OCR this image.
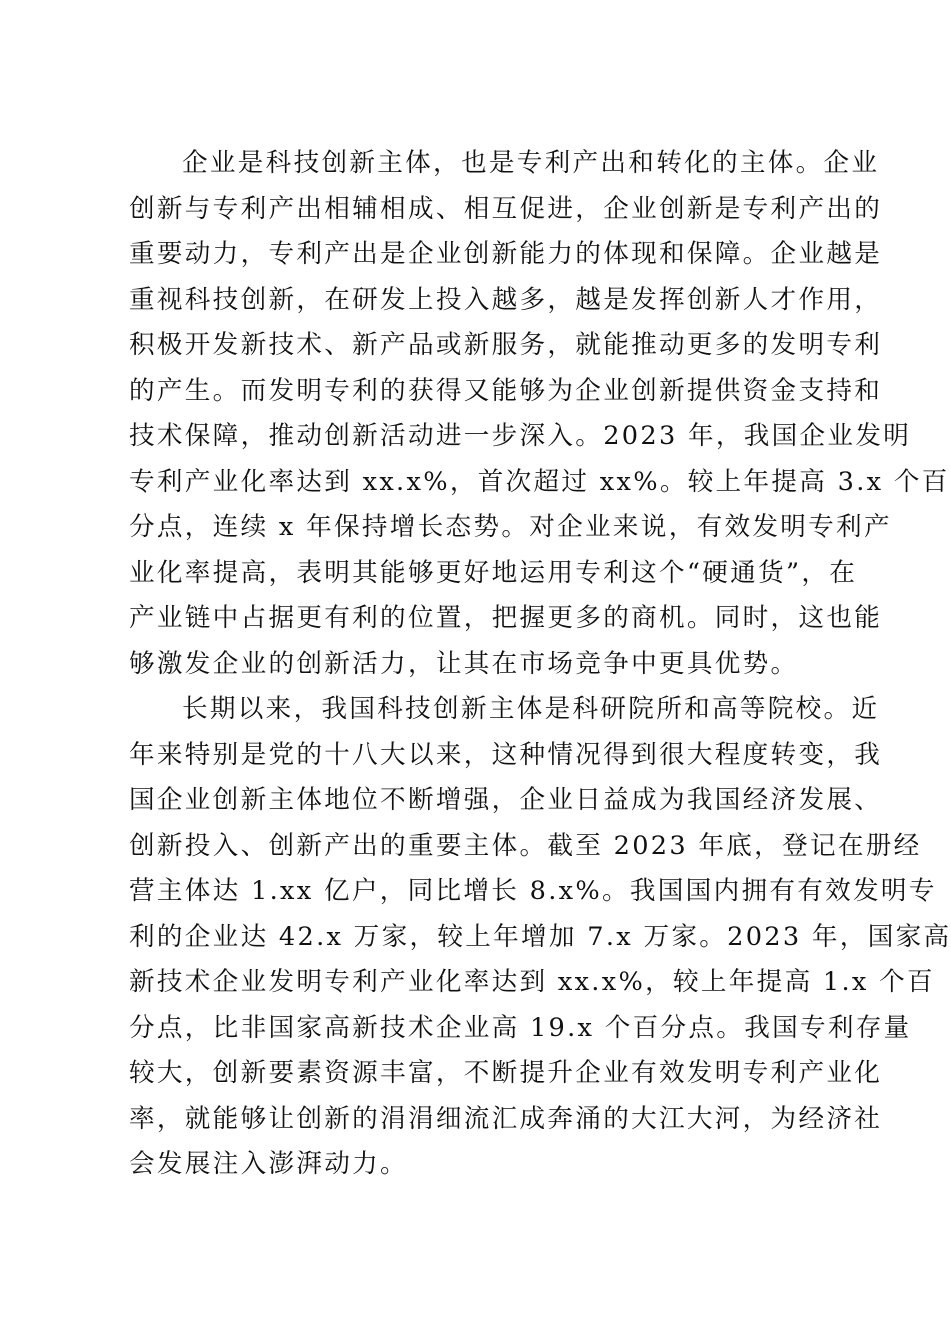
企业是科技创新主体，也是专利产出和转化的主体。企业
创新与专利产出相辅相成、相互促进，企业创新是专利产出的
重要动力，专利产出是企业创新能力的体现和保障。企业越是
重视科技创新，在研发上投入越多，越是发挥创新人才作用，
积极开发新技术、新产品或新服务，就能推动更多的发明专利
的产生。而发明专利的获得又能够为企业创新提供资金支持和
技术保障，推动创新活动进一步深入。2023 年，我国企业发明
专利产业化率达到 xx.x%，首次超过 xx%。较上年提高 3.x 个百
分点，连续 x 年保持增长态势。对企业来说，有效发明专利产
业化率提高，表明其能够更好地运用专利这个“硬通货”，在
产业链中占据更有利的位置，把握更多的商机。同时，这也能
够激发企业的创新活力，让其在市场竞争中更具优势。
长期以来，我国科技创新主体是科研院所和高等院校。近
年来特别是党的十八大以来，这种情况得到很大程度转变，我
国企业创新主体地位不断增强，企业日益成为我国经济发展、
创新投入、创新产出的重要主体。截至 2023 年底，登记在册经
营主体达 1.xx 亿户，同比增长 8.x%。我国国内拥有有效发明专
利的企业达 42.x 万家，较上年增加 7.x 万家。2023 年，国家高
新技术企业发明专利产业化率达到 xx.x%，较上年提高 1.x 个百
分点，比非国家高新技术企业高 19.x 个百分点。我国专利存量
较大，创新要素资源丰富，不断提升企业有效发明专利产业化
率，就能够让创新的涓涓细流汇成奔涌的大江大河，为经济社
会发展注入澎湃动力。
